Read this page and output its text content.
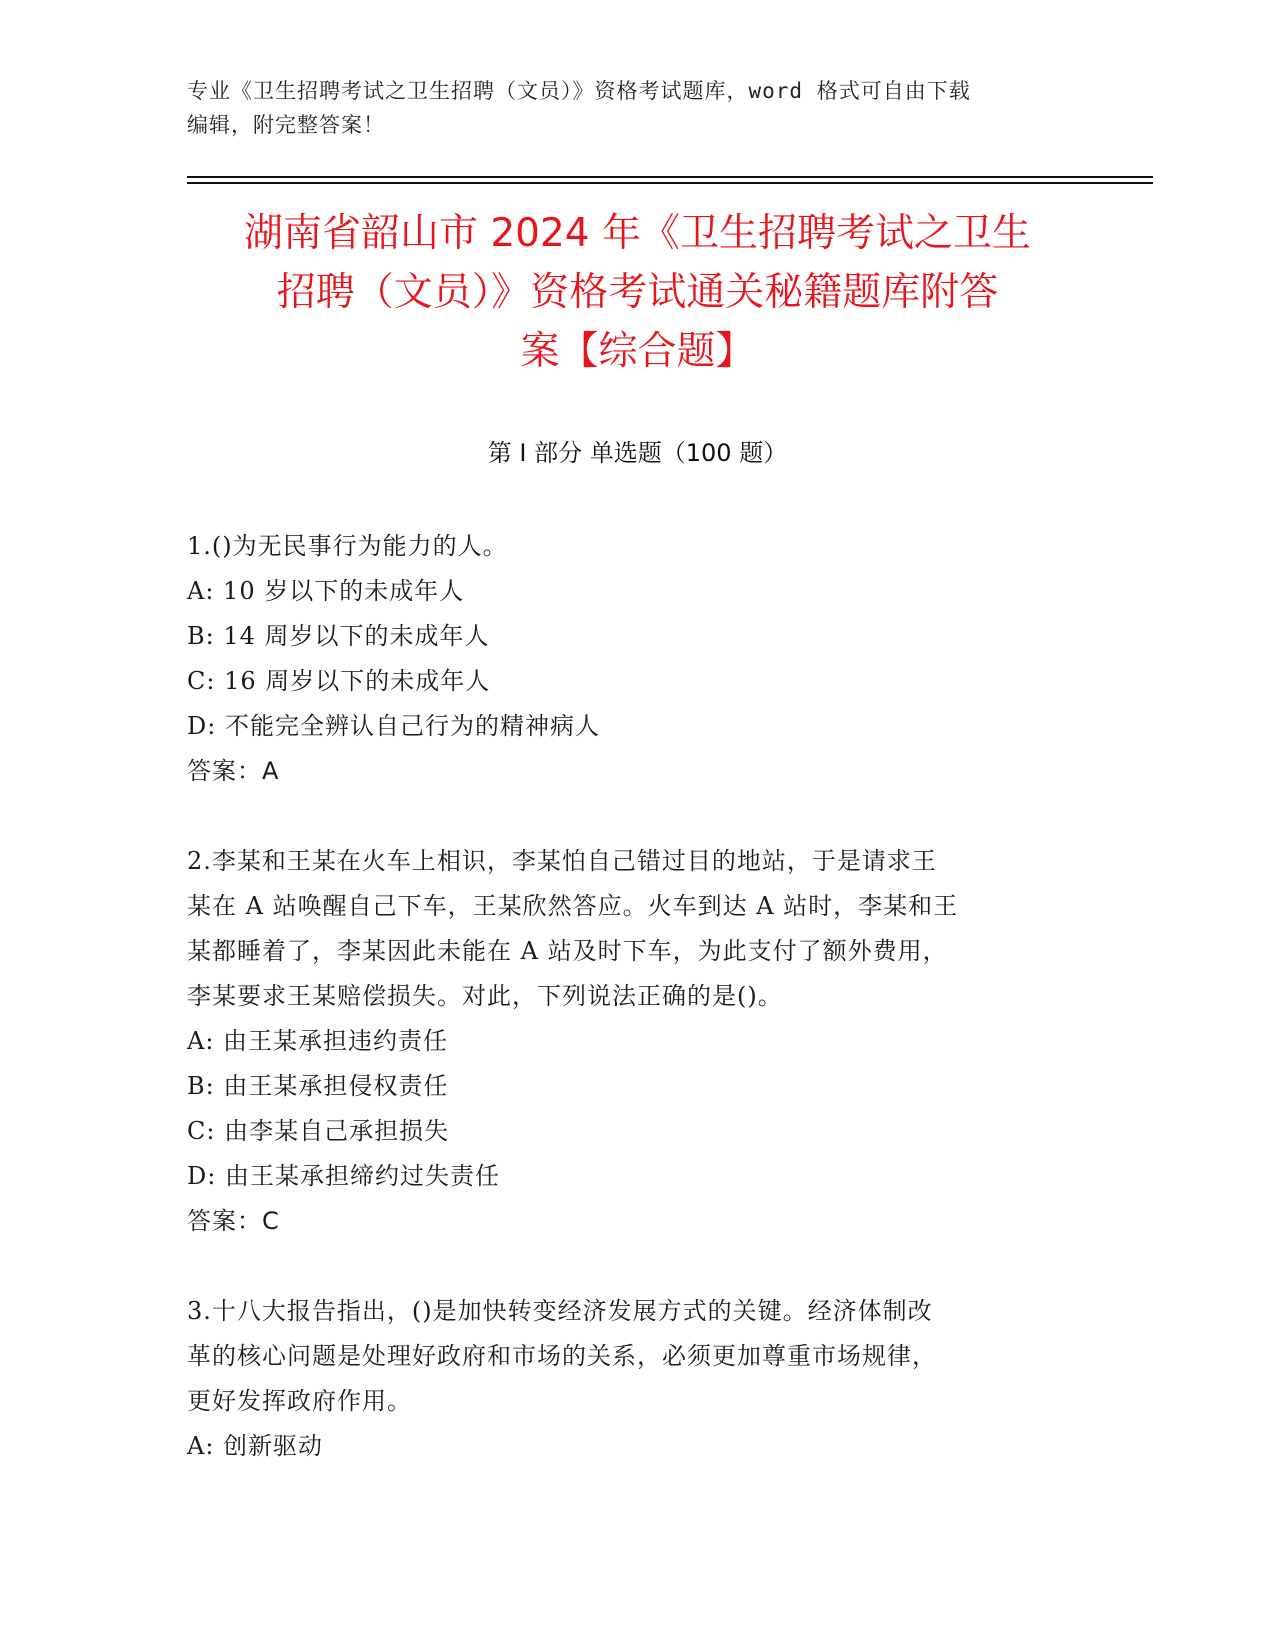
专业《卫生招聘考试之卫生招聘（文员）》资格考试题库，word 格式可自由下载
编辑，附完整答案！
湖南省韶山市 2024 年《卫生招聘考试之卫生
招聘（文员）》资格考试通关秘籍题库附答
案【综合题】
第 I 部分 单选题（100 题）
1.()为无民事行为能力的人。
A: 10 岁以下的未成年人
B: 14 周岁以下的未成年人
C: 16 周岁以下的未成年人
D: 不能完全辨认自己行为的精神病人
答案：A
2.李某和王某在火车上相识，李某怕自己错过目的地站，于是请求王
某在 A 站唤醒自己下车，王某欣然答应。火车到达 A 站时，李某和王
某都睡着了，李某因此未能在 A 站及时下车，为此支付了额外费用，
李某要求王某赔偿损失。对此，下列说法正确的是()。
A: 由王某承担违约责任
B: 由王某承担侵权责任
C: 由李某自己承担损失
D: 由王某承担缔约过失责任
答案：C
3.十八大报告指出，()是加快转变经济发展方式的关键。经济体制改
革的核心问题是处理好政府和市场的关系，必须更加尊重市场规律，
更好发挥政府作用。
A: 创新驱动
